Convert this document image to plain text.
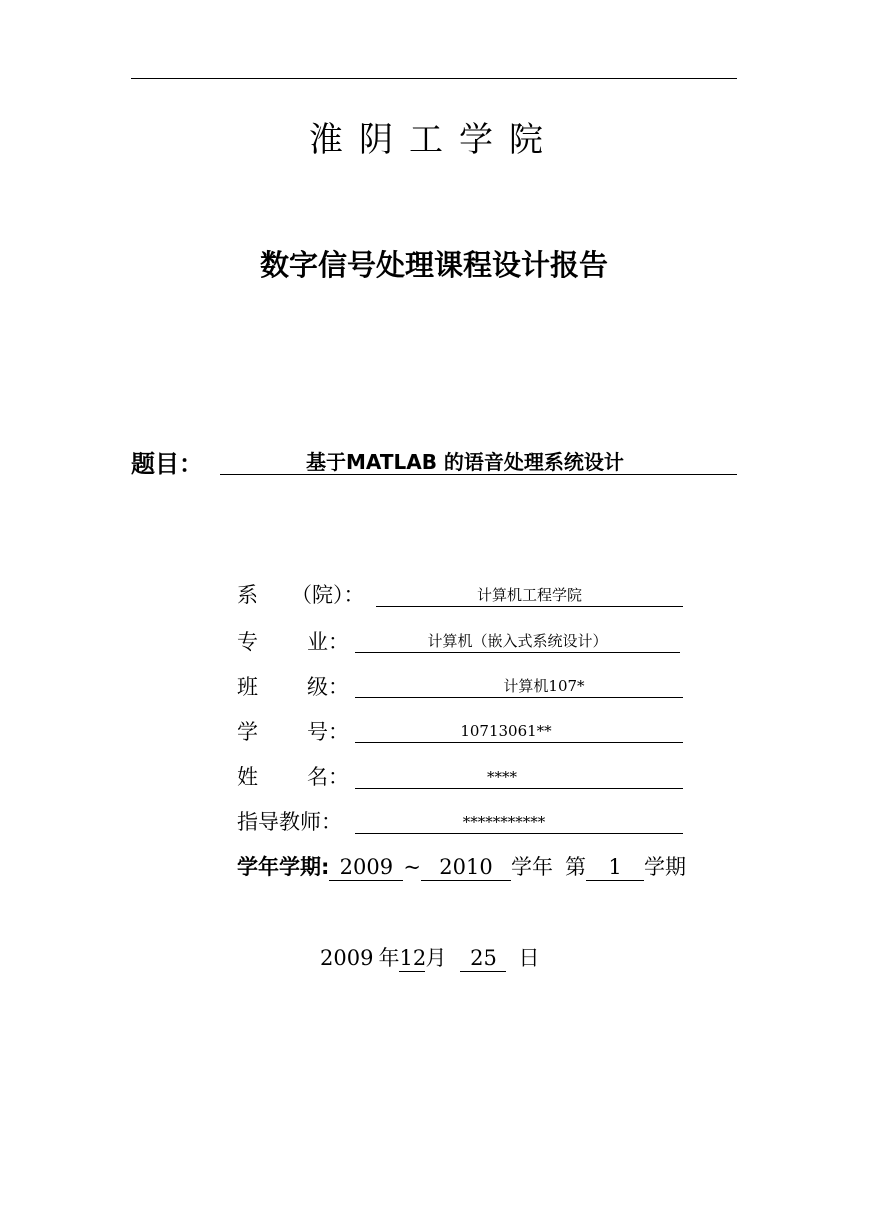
淮阴工学院
数字信号处理课程设计报告
题目：	基于MATLAB 的语音处理系统设计
系 （院）：	计算机工程学院
专 业：	计算机（嵌入式系统设计）
班 级：	计算机107*
学 号：	10713061**
姓 名：	****
指导教师：	***********
学年学期: 2009 ~ 2010 学年 第 1 学期
2009 年12月 25 日
